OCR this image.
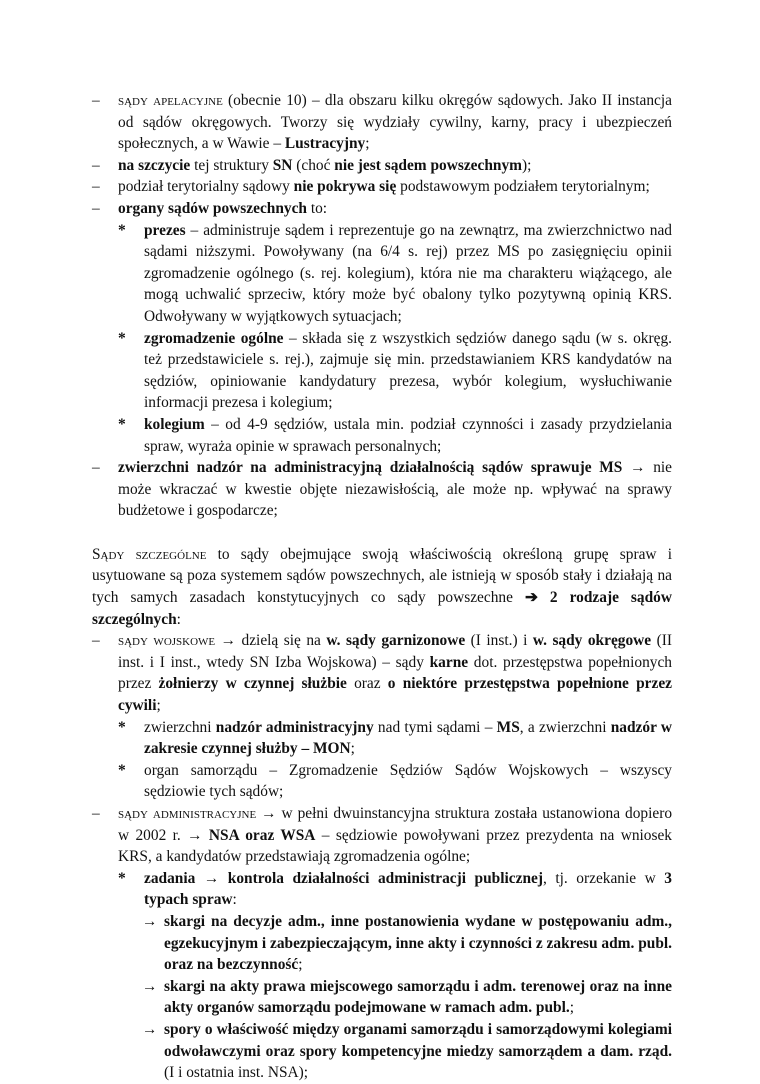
– sądy apelacyjne (obecnie 10) – dla obszaru kilku okręgów sądowych. Jako II instancja od sądów okręgowych. Tworzy się wydziały cywilny, karny, pracy i ubezpieczeń społecznych, a w Wawie – Lustracyjny;
– na szczycie tej struktury SN (choć nie jest sądem powszechnym);
– podział terytorialny sądowy nie pokrywa się podstawowym podziałem terytorialnym;
– organy sądów powszechnych to:
* prezes – administruje sądem i reprezentuje go na zewnątrz, ma zwierzchnictwo nad sądami niższymi. Powoływany (na 6/4 s. rej) przez MS po zasięgnięciu opinii zgromadzenie ogólnego (s. rej. kolegium), która nie ma charakteru wiążącego, ale mogą uchwalić sprzeciw, który może być obalony tylko pozytywną opinią KRS. Odwoływany w wyjątkowych sytuacjach;
* zgromadzenie ogólne – składa się z wszystkich sędziów danego sądu (w s. okręg. też przedstawiciele s. rej.), zajmuje się min. przedstawianiem KRS kandydatów na sędziów, opiniowanie kandydatury prezesa, wybór kolegium, wysłuchiwanie informacji prezesa i kolegium;
* kolegium – od 4-9 sędziów, ustala min. podział czynności i zasady przydzielania spraw, wyraża opinie w sprawach personalnych;
– zwierzchni nadzór na administracyjną działalnością sądów sprawuje MS → nie może wkraczać w kwestie objęte niezawisłością, ale może np. wpływać na sprawy budżetowe i gospodarcze;
Sądy szczególne to sądy obejmujące swoją właściwością określoną grupę spraw i usytuowane są poza systemem sądów powszechnych, ale istnieją w sposób stały i działają na tych samych zasadach konstytucyjnych co sądy powszechne ➔ 2 rodzaje sądów szczególnych:
– sądy wojskowe → dzielą się na w. sądy garnizonowe (I inst.) i w. sądy okręgowe (II inst. i I inst., wtedy SN Izba Wojskowa) – sądy karne dot. przestępstwa popełnionych przez żołnierzy w czynnej służbie oraz o niektóre przestępstwa popełnione przez cywili;
* zwierzchni nadzór administracyjny nad tymi sądami – MS, a zwierzchni nadzór w zakresie czynnej służby – MON;
* organ samorządu – Zgromadzenie Sędziów Sądów Wojskowych – wszyscy sędziowie tych sądów;
– sądy administracyjne → w pełni dwuinstancyjna struktura została ustanowiona dopiero w 2002 r. → NSA oraz WSA – sędziowie powoływani przez prezydenta na wniosek KRS, a kandydatów przedstawiają zgromadzenia ogólne;
* zadania → kontrola działalności administracji publicznej, tj. orzekanie w 3 typach spraw:
→ skargi na decyzje adm., inne postanowienia wydane w postępowaniu adm., egzekucyjnym i zabezpieczającym, inne akty i czynności z zakresu adm. publ. oraz na bezczynność;
→ skargi na akty prawa miejscowego samorządu i adm. terenowej oraz na inne akty organów samorządu podejmowane w ramach adm. publ.;
→ spory o właściwość między organami samorządu i samorządowymi kolegiami odwoławczymi oraz spory kompetencyjne miedzy samorządem a dam. rząd. (I i ostatnia inst. NSA);
